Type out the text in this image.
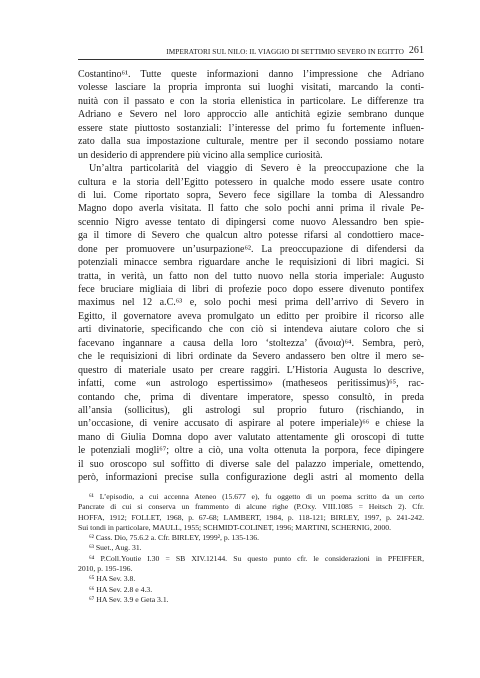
IMPERATORI SUL NILO: IL VIAGGIO DI SETTIMIO SEVERO IN EGITTO 261
Costantino⁶¹. Tutte queste informazioni danno l’impressione che Adriano
volesse lasciare la propria impronta sui luoghi visitati, marcando la conti-
nuità con il passato e con la storia ellenistica in particolare. Le differenze tra
Adriano e Severo nel loro approccio alle antichità egizie sembrano dunque
essere state piuttosto sostanziali: l’interesse del primo fu fortemente influen-
zato dalla sua impostazione culturale, mentre per il secondo possiamo notare
un desiderio di apprendere più vicino alla semplice curiosità.
Un’altra particolarità del viaggio di Severo è la preoccupazione che la
cultura e la storia dell’Egitto potessero in qualche modo essere usate contro
di lui. Come riportato sopra, Severo fece sigillare la tomba di Alessandro
Magno dopo averla visitata. Il fatto che solo pochi anni prima il rivale Pe-
scennio Nigro avesse tentato di dipingersi come nuovo Alessandro ben spie-
ga il timore di Severo che qualcun altro potesse rifarsi al condottiero mace-
done per promuovere un’usurpazione⁶². La preoccupazione di difendersi da
potenziali minacce sembra riguardare anche le requisizioni di libri magici. Si
tratta, in verità, un fatto non del tutto nuovo nella storia imperiale: Augusto
fece bruciare migliaia di libri di profezie poco dopo essere divenuto pontifex
maximus nel 12 a.C.⁶³ e, solo pochi mesi prima dell’arrivo di Severo in
Egitto, il governatore aveva promulgato un editto per proibire il ricorso alle
arti divinatorie, specificando che con ciò si intendeva aiutare coloro che si
facevano ingannare a causa della loro ‘stoltezza’ (ἄνοια)⁶⁴. Sembra, però,
che le requisizioni di libri ordinate da Severo andassero ben oltre il mero se-
questro di materiale usato per creare raggiri. L’Historia Augusta lo descrive,
infatti, come «un astrologo espertissimo» (matheseos peritissimus)⁶⁵, rac-
contando che, prima di diventare imperatore, spesso consultò, in preda
all’ansia (sollicitus), gli astrologi sul proprio futuro (rischiando, in
un’occasione, di venire accusato di aspirare al potere imperiale)⁶⁶ e chiese la
mano di Giulia Domna dopo aver valutato attentamente gli oroscopi di tutte
le potenziali mogli⁶⁷; oltre a ciò, una volta ottenuta la porpora, fece dipingere
il suo oroscopo sul soffitto di diverse sale del palazzo imperiale, omettendo,
però, informazioni precise sulla configurazione degli astri al momento della
⁶¹ L’episodio, a cui accenna Ateneo (15.677 e), fu oggetto di un poema scritto da un certo
Pancrate di cui si conserva un frammento di alcune righe (P.Oxy. VIII.1085 = Heitsch 2). Cfr.
HOFFA, 1912; FOLLET, 1968, p. 67-68; LAMBERT, 1984, p. 118-121; BIRLEY, 1997, p. 241-242.
Sui tondi in particolare, MAULL, 1955; SCHMIDT-COLINET, 1996; MARTINI, SCHERNIG, 2000.
⁶² Cass. Dio, 75.6.2 a. Cfr. BIRLEY, 1999², p. 135-136.
⁶³ Suet., Aug. 31.
⁶⁴ P.Coll.Youtie I.30 = SB XIV.12144. Su questo punto cfr. le considerazioni in PFEIFFER,
2010, p. 195-196.
⁶⁵ HA Sev. 3.8.
⁶⁶ HA Sev. 2.8 e 4.3.
⁶⁷ HA Sev. 3.9 e Geta 3.1.
